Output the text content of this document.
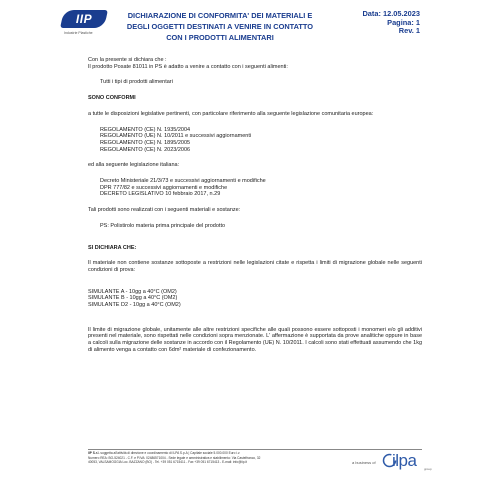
IIP
Industrie Plastiche
DICHIARAZIONE DI CONFORMITA' DEI MATERIALI E
DEGLI OGGETTI DESTINATI A VENIRE IN CONTATTO
CON I PRODOTTI ALIMENTARI
Data: 12.05.2023
Pagina: 1
Rev. 1

Con la presente si dichiara che :

Il prodotto Posate 81011 in PS è adatto a venire a contatto con i seguenti alimenti:

Tutti i tipi di prodotti alimentari

SONO CONFORMI

a tutte le disposizioni legislative pertinenti, con particolare riferimento alla seguente legislazione comunitaria europea:

REGOLAMENTO (CE) N. 1935/2004

REGOLAMENTO (UE) N. 10/2011 e successivi aggiornamenti

REGOLAMENTO (CE) N. 1895/2005

REGOLAMENTO (CE) N. 2023/2006

ed alla seguente legislazione italiana:

Decreto Ministeriale 21/3/73 e successivi aggiornamenti e modifiche

DPR 777/82 e successivi aggiornamenti e modifiche

DECRETO LEGISLATIVO 10 febbraio 2017, n.29

Tali prodotti sono realizzati con i seguenti materiali e sostanze:

PS: Polistirolo materia prima principale del prodotto

SI DICHIARA CHE:

Il materiale non contiene sostanze sottoposte a restrizioni nelle legislazioni citate e rispetta i limiti di migrazione globale nelle seguenti condizioni di prova:

SIMULANTE A - 10gg a 40°C (OM2)

SIMULANTE B - 10gg a 40°C (OM2)

SIMULANTE D2 - 10gg a 40°C (OM2)

Il limite di migrazione globale, unitamente alle altre restrizioni specifiche alle quali possono essere sottoposti i monomeri e/o gli additivi presenti nel materiale, sono rispettati nelle condizioni sopra menzionate. L' affermazione è supportata da prove analitiche oppure in base a calcoli sulla migrazione delle sostanze in accordo con il Regolamento (UE) N. 10/2011. I calcoli sono stati effettuati assumendo che 1kg di alimento venga a contatto con 6dm² materiale di confezionamento.

IIP S.r.l. soggetta all'attività di direzione e coordinamento di ILPA S.p.A | Capitale sociale 5.000.000 Euro i.v.
Numero REA: BO-524021 - C.F. e P.IVA: 02486571004 - Sede legale e amministrativa e stabilimento: Via Castelfranco, 32
40053, VALSAMOGGIA Loc. BAZZANO (BO) - Tel. +39 051 6715411 - Fax +39 051 6715413 - E-mail: info@iip.it	a business of ilpa	group
